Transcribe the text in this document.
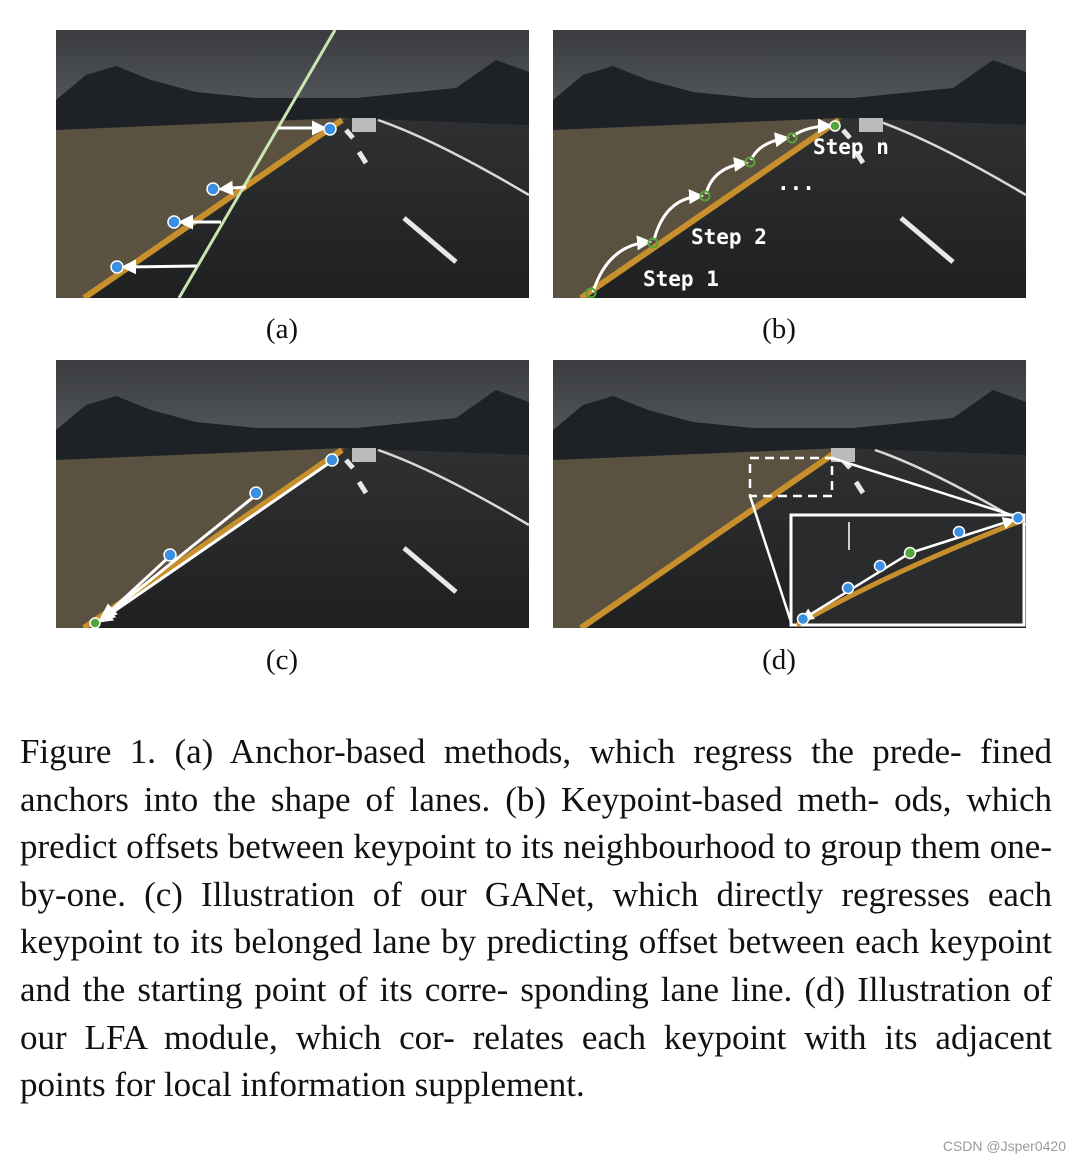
(a)
Step 1
Step 2
...
Step n
(b)
(c)	(d)

Figure 1. (a) Anchor-based methods, which regress the prede- fined anchors into the shape of lanes. (b) Keypoint-based meth- ods, which predict offsets between keypoint to its neighbourhood to group them one-by-one. (c) Illustration of our GANet, which directly regresses each keypoint to its belonged lane by predicting offset between each keypoint and the starting point of its corre- sponding lane line. (d) Illustration of our LFA module, which cor- relates each keypoint with its adjacent points for local information supplement.

CSDN @Jsper0420
